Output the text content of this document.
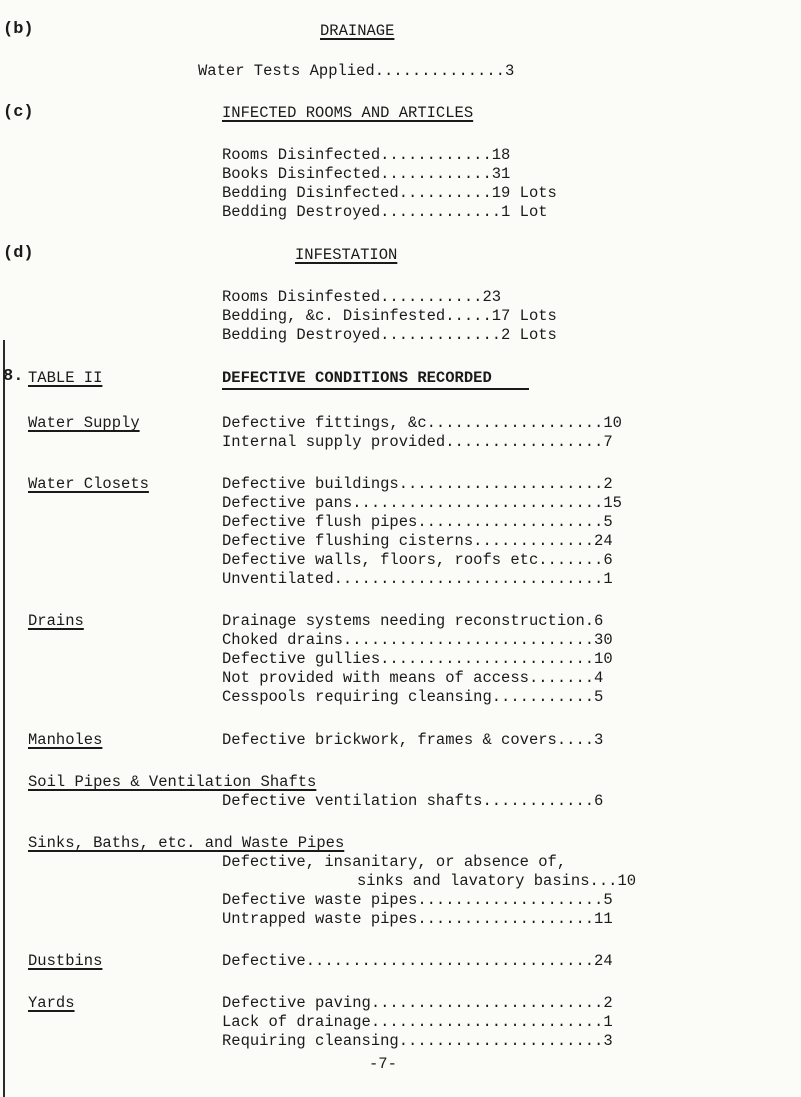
(b)	DRAINAGE
Water Tests Applied..............3
(c)	INFECTED ROOMS AND ARTICLES
Rooms Disinfected............18
Books Disinfected............31
Bedding Disinfected..........19 Lots
Bedding Destroyed.............1 Lot
(d)	INFESTATION
Rooms Disinfested...........23
Bedding, &c. Disinfested.....17 Lots
Bedding Destroyed.............2 Lots
8. TABLE II	DEFECTIVE CONDITIONS RECORDED
Water Supply	Defective fittings, &c...................10
Internal supply provided.................7
Water Closets	Defective buildings......................2
Defective pans...........................15
Defective flush pipes....................5
Defective flushing cisterns.............24
Defective walls, floors, roofs etc.......6
Unventilated.............................1
Drains	Drainage systems needing reconstruction.6
Choked drains...........................30
Defective gullies.......................10
Not provided with means of access.......4
Cesspools requiring cleansing...........5
Manholes	Defective brickwork, frames & covers....3
Soil Pipes & Ventilation Shafts
Defective ventilation shafts............6
Sinks, Baths, etc. and Waste Pipes
Defective, insanitary, or absence of,
sinks and lavatory basins...10
Defective waste pipes....................5
Untrapped waste pipes...................11
Dustbins	Defective...............................24
Yards	Defective paving.........................2
Lack of drainage.........................1
Requiring cleansing......................3
-7-
